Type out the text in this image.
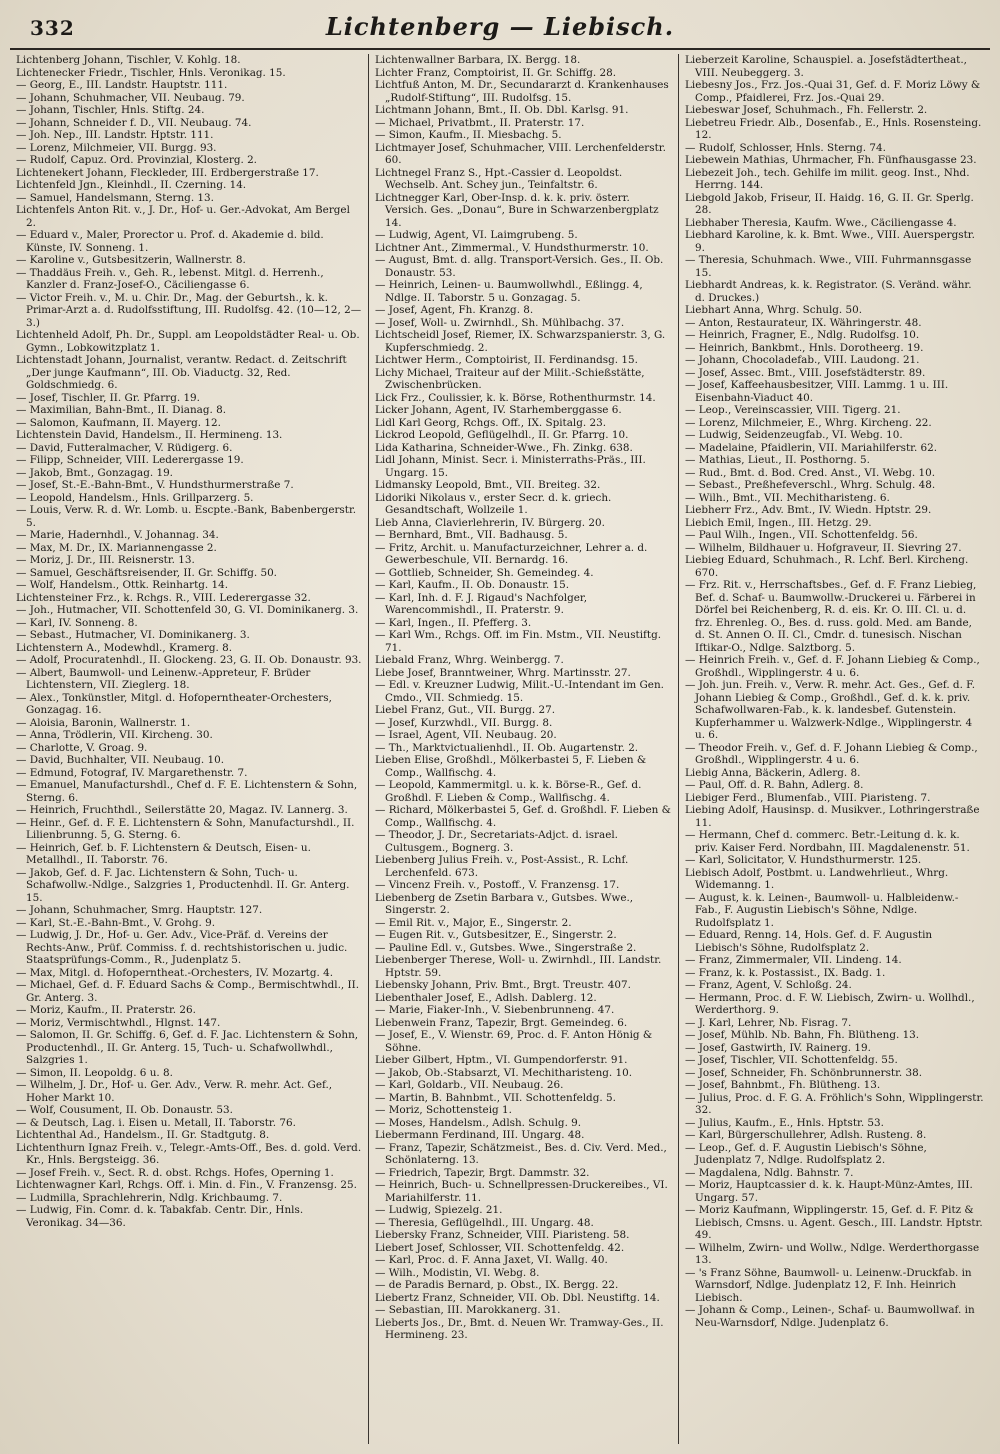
332	Lichtenberg — Liebisch.

Lichtenberg Johann, Tischler, V. Kohlg. 18.

Lichtenecker Friedr., Tischler, Hnls. Veronikag. 15.

— Georg, E., III. Landstr. Hauptstr. 111.

— Johann, Schuhmacher, VII. Neubaug. 79.

— Johann, Tischler, Hnls. Stiftg. 24.

— Johann, Schneider f. D., VII. Neubaug. 74.

— Joh. Nep., III. Landstr. Hptstr. 111.

— Lorenz, Milchmeier, VII. Burgg. 93.

— Rudolf, Capuz. Ord. Provinzial, Klosterg. 2.

Lichtenekert Johann, Fleckleder, III. Erdbergerstraße 17.

Lichtenfeld Jgn., Kleinhdl., II. Czerning. 14.

— Samuel, Handelsmann, Sterng. 13.

Lichtenfels Anton Rit. v., J. Dr., Hof- u. Ger.-Advokat, Am Bergel 2.

— Eduard v., Maler, Prorector u. Prof. d. Akademie d. bild. Künste, IV. Sonneng. 1.

— Karoline v., Gutsbesitzerin, Wallnerstr. 8.

— Thaddäus Freih. v., Geh. R., lebenst. Mitgl. d. Herrenh., Kanzler d. Franz-Josef-O., Cäciliengasse 6.

— Victor Freih. v., M. u. Chir. Dr., Mag. der Geburtsh., k. k. Primar-Arzt a. d. Rudolfsstiftung, III. Rudolfsg. 42. (10—12, 2—3.)

Lichtenheld Adolf, Ph. Dr., Suppl. am Leopoldstädter Real- u. Ob. Gymn., Lobkowitzplatz 1.

Lichtenstadt Johann, Journalist, verantw. Redact. d. Zeitschrift „Der junge Kaufmann“, III. Ob. Viaductg. 32, Red. Goldschmiedg. 6.

— Josef, Tischler, II. Gr. Pfarrg. 19.

— Maximilian, Bahn-Bmt., II. Dianag. 8.

— Salomon, Kaufmann, II. Mayerg. 12.

Lichtenstein David, Handelsm., II. Hermineng. 13.

— David, Futteralmacher, V. Rüdigerg. 6.

— Filipp, Schneider, VIII. Lederergasse 19.

— Jakob, Bmt., Gonzagag. 19.

— Josef, St.-E.-Bahn-Bmt., V. Hundsthurmerstraße 7.

— Leopold, Handelsm., Hnls. Grillparzerg. 5.

— Louis, Verw. R. d. Wr. Lomb. u. Escpte.-Bank, Babenbergerstr. 5.

— Marie, Hadernhdl., V. Johannag. 34.

— Max, M. Dr., IX. Mariannengasse 2.

— Moriz, J. Dr., III. Reisnerstr. 13.

— Samuel, Geschäftsreisender, II. Gr. Schiffg. 50.

— Wolf, Handelsm., Ottk. Reinhartg. 14.

Lichtensteiner Frz., k. Rchgs. R., VIII. Lederergasse 32.

— Joh., Hutmacher, VII. Schottenfeld 30, G. VI. Dominikanerg. 3.

— Karl, IV. Sonneng. 8.

— Sebast., Hutmacher, VI. Dominikanerg. 3.

Lichtenstern A., Modewhdl., Kramerg. 8.

— Adolf, Procuratenhdl., II. Glockeng. 23, G. II. Ob. Donaustr. 93.

— Albert, Baumwoll- und Leinenw.-Appreteur, F. Brüder Lichtenstern, VII. Zieglerg. 18.

— Alex., Tonkünstler, Mitgl. d. Hofoperntheater-Orchesters, Gonzagag. 16.

— Aloisia, Baronin, Wallnerstr. 1.

— Anna, Trödlerin, VII. Kircheng. 30.

— Charlotte, V. Groag. 9.

— David, Buchhalter, VII. Neubaug. 10.

— Edmund, Fotograf, IV. Margarethenstr. 7.

— Emanuel, Manufacturshdl., Chef d. F. E. Lichtenstern & Sohn, Sterng. 6.

— Heinrich, Fruchthdl., Seilerstätte 20, Magaz. IV. Lannerg. 3.

— Heinr., Gef. d. F. E. Lichtenstern & Sohn, Manufacturshdl., II. Lilienbrunng. 5, G. Sterng. 6.

— Heinrich, Gef. b. F. Lichtenstern & Deutsch, Eisen- u. Metallhdl., II. Taborstr. 76.

— Jakob, Gef. d. F. Jac. Lichtenstern & Sohn, Tuch- u. Schafwollw.-Ndlge., Salzgries 1, Productenhdl. II. Gr. Anterg. 15.

— Johann, Schuhmacher, Smrg. Hauptstr. 127.

— Karl, St.-E.-Bahn-Bmt., V. Grohg. 9.

— Ludwig, J. Dr., Hof- u. Ger. Adv., Vice-Präf. d. Vereins der Rechts-Anw., Prüf. Commiss. f. d. rechtshistorischen u. judic. Staatsprüfungs-Comm., R., Judenplatz 5.

— Max, Mitgl. d. Hofoperntheat.-Orchesters, IV. Mozartg. 4.

— Michael, Gef. d. F. Eduard Sachs & Comp., Bermischtwhdl., II. Gr. Anterg. 3.

— Moriz, Kaufm., II. Praterstr. 26.

— Moriz, Vermischtwhdl., Hlgnst. 147.

— Salomon, II. Gr. Schiffg. 6, Gef. d. F. Jac. Lichtenstern & Sohn, Productenhdl., II. Gr. Anterg. 15, Tuch- u. Schafwollwhdl., Salzgries 1.

— Simon, II. Leopoldg. 6 u. 8.

— Wilhelm, J. Dr., Hof- u. Ger. Adv., Verw. R. mehr. Act. Gef., Hoher Markt 10.

— Wolf, Cousument, II. Ob. Donaustr. 53.

— & Deutsch, Lag. i. Eisen u. Metall, II. Taborstr. 76.

Lichtenthal Ad., Handelsm., II. Gr. Stadtgutg. 8.

Lichtenthurn Ignaz Freih. v., Telegr.-Amts-Off., Bes. d. gold. Verd. Kr., Hnls. Bergsteigg. 36.

— Josef Freih. v., Sect. R. d. obst. Rchgs. Hofes, Operning 1.

Lichtenwagner Karl, Rchgs. Off. i. Min. d. Fin., V. Franzensg. 25.

— Ludmilla, Sprachlehrerin, Ndlg. Krichbaumg. 7.

— Ludwig, Fin. Comr. d. k. Tabakfab. Centr. Dir., Hnls. Veronikag. 34—36.

Lichtenwallner Barbara, IX. Bergg. 18.

Lichter Franz, Comptoirist, II. Gr. Schiffg. 28.

Lichtfuß Anton, M. Dr., Secundararzt d. Krankenhauses „Rudolf-Stiftung“, III. Rudolfsg. 15.

Lichtmann Johann, Bmt., II. Ob. Dbl. Karlsg. 91.

— Michael, Privatbmt., II. Praterstr. 17.

— Simon, Kaufm., II. Miesbachg. 5.

Lichtmayer Josef, Schuhmacher, VIII. Lerchenfelderstr. 60.

Lichtnegel Franz S., Hpt.-Cassier d. Leopoldst. Wechselb. Ant. Schey jun., Teinfaltstr. 6.

Lichtnegger Karl, Ober-Insp. d. k. k. priv. österr. Versich. Ges. „Donau“, Bure in Schwarzenbergplatz 14.

— Ludwig, Agent, VI. Laimgrubeng. 5.

Lichtner Ant., Zimmermal., V. Hundsthurmerstr. 10.

— August, Bmt. d. allg. Transport-Versich. Ges., II. Ob. Donaustr. 53.

— Heinrich, Leinen- u. Baumwollwhdl., Eßlingg. 4, Ndlge. II. Taborstr. 5 u. Gonzagag. 5.

— Josef, Agent, Fh. Kranzg. 8.

— Josef, Woll- u. Zwirnhdl., Sh. Mühlbachg. 37.

Lichtscheidl Josef, Riemer, IX. Schwarzspanierstr. 3, G. Kupferschmiedg. 2.

Lichtwer Herm., Comptoirist, II. Ferdinandsg. 15.

Lichy Michael, Traiteur auf der Milit.-Schießstätte, Zwischenbrücken.

Lick Frz., Coulissier, k. k. Börse, Rothenthurmstr. 14.

Licker Johann, Agent, IV. Starhemberggasse 6.

Lidl Karl Georg, Rchgs. Off., IX. Spitalg. 23.

Lickrod Leopold, Geflügelhdl., II. Gr. Pfarrg. 10.

Lida Katharina, Schneider-Wwe., Fh. Zinkg. 638.

Lidl Johann, Minist. Secr. i. Ministerraths-Präs., III. Ungarg. 15.

Lidmansky Leopold, Bmt., VII. Breiteg. 32.

Lidoriki Nikolaus v., erster Secr. d. k. griech. Gesandtschaft, Wollzeile 1.

Lieb Anna, Clavierlehrerin, IV. Bürgerg. 20.

— Bernhard, Bmt., VII. Badhausg. 5.

— Fritz, Archit. u. Manufacturzeichner, Lehrer a. d. Gewerbeschule, VII. Bernardg. 16.

— Gottlieb, Schneider, Sh. Gemeindeg. 4.

— Karl, Kaufm., II. Ob. Donaustr. 15.

— Karl, Inh. d. F. J. Rigaud's Nachfolger, Warencommishdl., II. Praterstr. 9.

— Karl, Ingen., II. Pfefferg. 3.

— Karl Wm., Rchgs. Off. im Fin. Mstm., VII. Neustiftg. 71.

Liebald Franz, Whrg. Weinbergg. 7.

Liebe Josef, Branntweiner, Whrg. Martinsstr. 27.

— Edl. v. Kreuzner Ludwig, Milit.-U.-Intendant im Gen. Cmdo., VII. Schmiedg. 15.

Liebel Franz, Gut., VII. Burgg. 27.

— Josef, Kurzwhdl., VII. Burgg. 8.

— Israel, Agent, VII. Neubaug. 20.

— Th., Marktvictualienhdl., II. Ob. Augartenstr. 2.

Lieben Elise, Großhdl., Mölkerbastei 5, F. Lieben & Comp., Wallfischg. 4.

— Leopold, Kammermitgl. u. k. k. Börse-R., Gef. d. Großhdl. F. Lieben & Comp., Wallfischg. 4.

— Richard, Mölkerbastei 5, Gef. d. Großhdl. F. Lieben & Comp., Wallfischg. 4.

— Theodor, J. Dr., Secretariats-Adjct. d. israel. Cultusgem., Bognerg. 3.

Liebenberg Julius Freih. v., Post-Assist., R. Lchf. Lerchenfeld. 673.

— Vincenz Freih. v., Postoff., V. Franzensg. 17.

Liebenberg de Zsetin Barbara v., Gutsbes. Wwe., Singerstr. 2.

— Emil Rit. v., Major, E., Singerstr. 2.

— Eugen Rit. v., Gutsbesitzer, E., Singerstr. 2.

— Pauline Edl. v., Gutsbes. Wwe., Singerstraße 2.

Liebenberger Therese, Woll- u. Zwirnhdl., III. Landstr. Hptstr. 59.

Liebensky Johann, Priv. Bmt., Brgt. Treustr. 407.

Liebenthaler Josef, E., Adlsh. Dablerg. 12.

— Marie, Fiaker-Inh., V. Siebenbrunneng. 47.

Liebenwein Franz, Tapezir, Brgt. Gemeindeg. 6.

— Josef, E., V. Wienstr. 69, Proc. d. F. Anton Hönig & Söhne.

Lieber Gilbert, Hptm., VI. Gumpendorferstr. 91.

— Jakob, Ob.-Stabsarzt, VI. Mechitharisteng. 10.

— Karl, Goldarb., VII. Neubaug. 26.

— Martin, B. Bahnbmt., VII. Schottenfeldg. 5.

— Moriz, Schottensteig 1.

— Moses, Handelsm., Adlsh. Schulg. 9.

Liebermann Ferdinand, III. Ungarg. 48.

— Franz, Tapezir, Schätzmeist., Bes. d. Civ. Verd. Med., Schönlaterng. 13.

— Friedrich, Tapezir, Brgt. Dammstr. 32.

— Heinrich, Buch- u. Schnellpressen-Druckereibes., VI. Mariahilferstr. 11.

— Ludwig, Spiezelg. 21.

— Theresia, Geflügelhdl., III. Ungarg. 48.

Liebersky Franz, Schneider, VIII. Piaristeng. 58.

Liebert Josef, Schlosser, VII. Schottenfeldg. 42.

— Karl, Proc. d. F. Anna Jaxet, VI. Wallg. 40.

— Wilh., Modistin, VI. Webg. 8.

— de Paradis Bernard, p. Obst., IX. Bergg. 22.

Liebertz Franz, Schneider, VII. Ob. Dbl. Neustiftg. 14.

— Sebastian, III. Marokkanerg. 31.

Lieberts Jos., Dr., Bmt. d. Neuen Wr. Tramway-Ges., II. Hermineng. 23.

Lieberzeit Karoline, Schauspiel. a. Josefstädtertheat., VIII. Neubeggerg. 3.

Liebesny Jos., Frz. Jos.-Quai 31, Gef. d. F. Moriz Löwy & Comp., Pfaidlerei, Frz. Jos.-Quai 29.

Liebeswar Josef, Schuhmach., Fh. Fellerstr. 2.

Liebetreu Friedr. Alb., Dosenfab., E., Hnls. Rosensteing. 12.

— Rudolf, Schlosser, Hnls. Sterng. 74.

Liebewein Mathias, Uhrmacher, Fh. Fünfhausgasse 23.

Liebezeit Joh., tech. Gehilfe im milit. geog. Inst., Nhd. Herrng. 144.

Liebgold Jakob, Friseur, II. Haidg. 16, G. II. Gr. Sperlg. 28.

Liebhaber Theresia, Kaufm. Wwe., Cäciliengasse 4.

Liebhard Karoline, k. k. Bmt. Wwe., VIII. Auerspergstr. 9.

— Theresia, Schuhmach. Wwe., VIII. Fuhrmannsgasse 15.

Liebhardt Andreas, k. k. Registrator. (S. Veränd. währ. d. Druckes.)

Liebhart Anna, Whrg. Schulg. 50.

— Anton, Restaurateur, IX. Währingerstr. 48.

— Heinrich, Fragner, E., Ndlg. Rudolfsg. 10.

— Heinrich, Bankbmt., Hnls. Dorotheerg. 19.

— Johann, Chocoladefab., VIII. Laudong. 21.

— Josef, Assec. Bmt., VIII. Josefstädterstr. 89.

— Josef, Kaffeehausbesitzer, VIII. Lammg. 1 u. III. Eisenbahn-Viaduct 40.

— Leop., Vereinscassier, VIII. Tigerg. 21.

— Lorenz, Milchmeier, E., Whrg. Kircheng. 22.

— Ludwig, Seidenzeugfab., VI. Webg. 10.

— Madelaine, Pfaidlerin, VII. Mariahilferstr. 62.

— Mathias, Lieut., II. Posthorng. 5.

— Rud., Bmt. d. Bod. Cred. Anst., VI. Webg. 10.

— Sebast., Preßhefeverschl., Whrg. Schulg. 48.

— Wilh., Bmt., VII. Mechitharisteng. 6.

Liebherr Frz., Adv. Bmt., IV. Wiedn. Hptstr. 29.

Liebich Emil, Ingen., III. Hetzg. 29.

— Paul Wilh., Ingen., VII. Schottenfeldg. 56.

— Wilhelm, Bildhauer u. Hofgraveur, II. Sievring 27.

Liebieg Eduard, Schuhmach., R. Lchf. Berl. Kircheng. 670.

— Frz. Rit. v., Herrschaftsbes., Gef. d. F. Franz Liebieg, Bef. d. Schaf- u. Baumwollw.-Druckerei u. Färberei in Dörfel bei Reichenberg, R. d. eis. Kr. O. III. Cl. u. d. frz. Ehrenleg. O., Bes. d. russ. gold. Med. am Bande, d. St. Annen O. II. Cl., Cmdr. d. tunesisch. Nischan Iftikar-O., Ndlge. Salztborg. 5.

— Heinrich Freih. v., Gef. d. F. Johann Liebieg & Comp., Großhdl., Wipplingerstr. 4 u. 6.

— Joh. jun. Freih. v., Verw. R. mehr. Act. Ges., Gef. d. F. Johann Liebieg & Comp., Großhdl., Gef. d. k. k. priv. Schafwollwaren-Fab., k. k. landesbef. Gutenstein. Kupferhammer u. Walzwerk-Ndlge., Wipplingerstr. 4 u. 6.

— Theodor Freih. v., Gef. d. F. Johann Liebieg & Comp., Großhdl., Wipplingerstr. 4 u. 6.

Liebig Anna, Bäckerin, Adlerg. 8.

— Paul, Off. d. R. Bahn, Adlerg. 8.

Liebiger Ferd., Blumenfab., VIII. Piaristeng. 7.

Liebing Adolf, Hausinsp. d. Musikver., Lothringerstraße 11.

— Hermann, Chef d. commerc. Betr.-Leitung d. k. k. priv. Kaiser Ferd. Nordbahn, III. Magdalenenstr. 51.

— Karl, Solicitator, V. Hundsthurmerstr. 125.

Liebisch Adolf, Postbmt. u. Landwehrlieut., Whrg. Widemanng. 1.

— August, k. k. Leinen-, Baumwoll- u. Halbleidenw.-Fab., F. Augustin Liebisch's Söhne, Ndlge. Rudolfsplatz 1.

— Eduard, Renng. 14, Hols. Gef. d. F. Augustin Liebisch's Söhne, Rudolfsplatz 2.

— Franz, Zimmermaler, VII. Lindeng. 14.

— Franz, k. k. Postassist., IX. Badg. 1.

— Franz, Agent, V. Schloßg. 24.

— Hermann, Proc. d. F. W. Liebisch, Zwirn- u. Wollhdl., Werderthorg. 9.

— J. Karl, Lehrer, Nb. Fisrag. 7.

— Josef, Mühlb. Nb. Bahn, Fh. Blütheng. 13.

— Josef, Gastwirth, IV. Rainerg. 19.

— Josef, Tischler, VII. Schottenfeldg. 55.

— Josef, Schneider, Fh. Schönbrunnerstr. 38.

— Josef, Bahnbmt., Fh. Blütheng. 13.

— Julius, Proc. d. F. G. A. Fröhlich's Sohn, Wipplingerstr. 32.

— Julius, Kaufm., E., Hnls. Hptstr. 53.

— Karl, Bürgerschullehrer, Adlsh. Rusteng. 8.

— Leop., Gef. d. F. Augustin Liebisch's Söhne, Judenplatz 7, Ndlge. Rudolfsplatz 2.

— Magdalena, Ndlg. Bahnstr. 7.

— Moriz, Hauptcassier d. k. k. Haupt-Münz-Amtes, III. Ungarg. 57.

— Moriz Kaufmann, Wipplingerstr. 15, Gef. d. F. Pitz & Liebisch, Cmsns. u. Agent. Gesch., III. Landstr. Hptstr. 49.

— Wilhelm, Zwirn- und Wollw., Ndlge. Werderthorgasse 13.

— 's Franz Söhne, Baumwoll- u. Leinenw.-Druckfab. in Warnsdorf, Ndlge. Judenplatz 12, F. Inh. Heinrich Liebisch.

— Johann & Comp., Leinen-, Schaf- u. Baumwollwaf. in Neu-Warnsdorf, Ndlge. Judenplatz 6.
